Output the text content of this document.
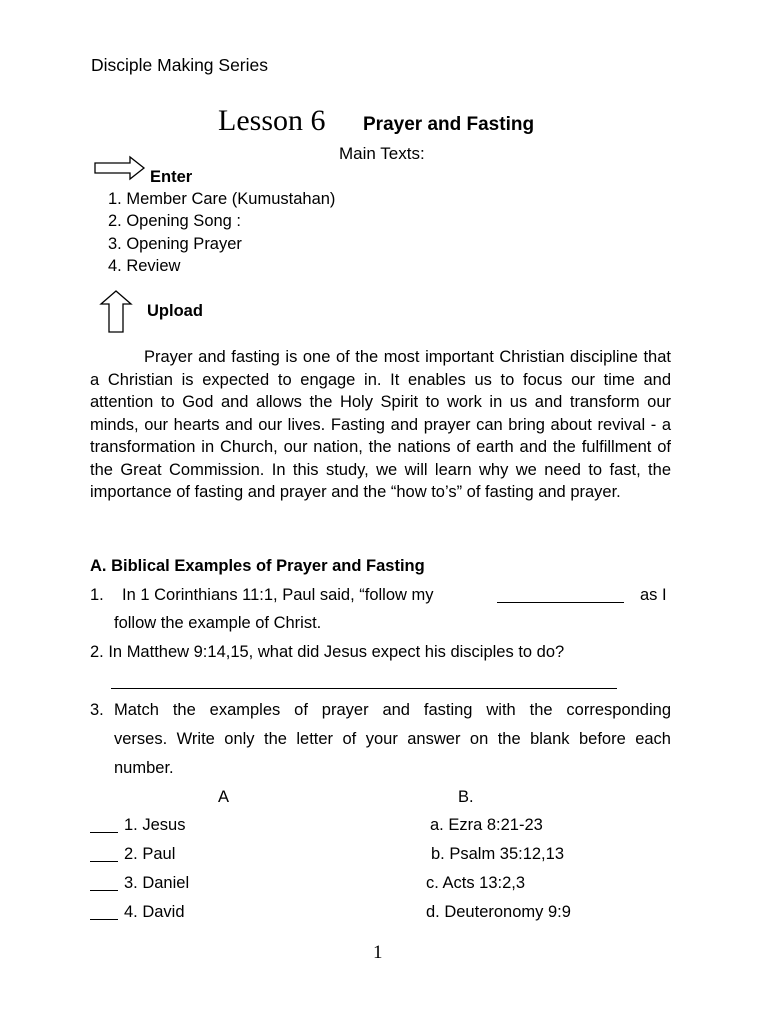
Disciple Making Series
Lesson 6 Prayer and Fasting
Main Texts:
Enter
1. Member Care (Kumustahan)
2. Opening Song :
3. Opening Prayer
4. Review
Upload
Prayer and fasting is one of the most important Christian discipline that a Christian is expected to engage in. It enables us to focus our time and attention to God and allows the Holy Spirit to work in us and transform our minds, our hearts and our lives. Fasting and prayer can bring about revival - a transformation in Church, our nation, the nations of earth and the fulfillment of the Great Commission. In this study, we will learn why we need to fast, the importance of fasting and prayer and the “how to’s” of fasting and prayer.
A. Biblical Examples of Prayer and Fasting
1. In 1 Corinthians 11:1, Paul said, “follow my	as I
follow the example of Christ.
2. In Matthew 9:14,15, what did Jesus expect his disciples to do?
3. Match the examples of prayer and fasting with the corresponding
verses. Write only the letter of your answer on the blank before each
number.
A	B.
1. Jesus	a. Ezra 8:21-23
2. Paul	b. Psalm 35:12,13
3. Daniel	c. Acts 13:2,3
4. David	d. Deuteronomy 9:9
1
